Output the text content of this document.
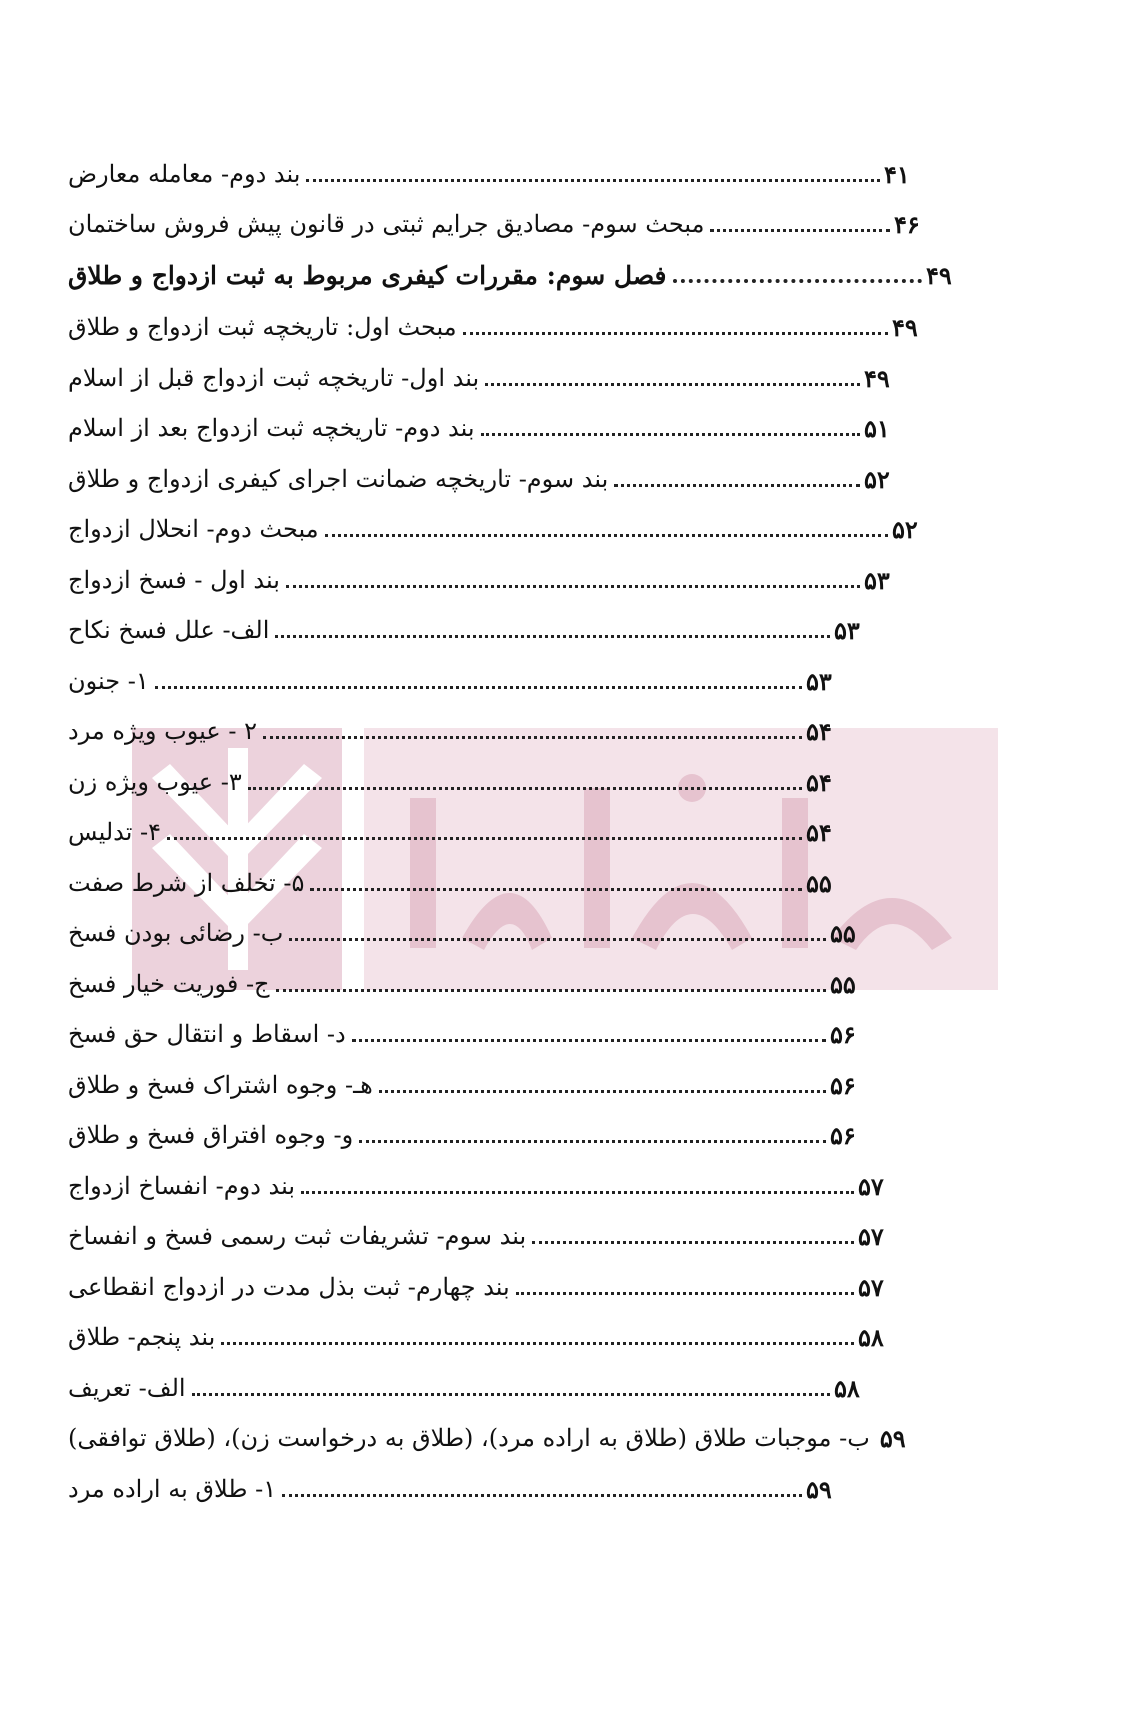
بند دوم- معامله معارض	۴۱
مبحث سوم- مصادیق جرایم ثبتی در قانون پیش فروش ساختمان	۴۶
فصل سوم: مقررات کیفری مربوط به ثبت ازدواج و طلاق	۴۹
مبحث اول: تاریخچه ثبت ازدواج و طلاق	۴۹
بند اول- تاریخچه ثبت ازدواج قبل از اسلام	۴۹
بند دوم- تاریخچه ثبت ازدواج بعد از اسلام	۵۱
بند سوم- تاریخچه ضمانت اجرای کیفری ازدواج و طلاق	۵۲
مبحث دوم- انحلال ازدواج	۵۲
بند اول - فسخ ازدواج	۵۳
الف- علل فسخ نکاح	۵۳
۱- جنون	۵۳
۲ - عیوب ویژه مرد	۵۴
۳- عیوب ویژه زن	۵۴
۴- تدلیس	۵۴
۵- تخلف از شرط صفت	۵۵
ب- رضائی بودن فسخ	۵۵
ج- فوریت خیار فسخ	۵۵
د- اسقاط و انتقال حق فسخ	۵۶
هـ- وجوه اشتراک فسخ و طلاق	۵۶
و- وجوه افتراق فسخ و طلاق	۵۶
بند دوم- انفساخ ازدواج	۵۷
بند سوم- تشریفات ثبت رسمی فسخ و انفساخ	۵۷
بند چهارم- ثبت بذل مدت در ازدواج انقطاعی	۵۷
بند پنجم- طلاق	۵۸
الف- تعریف	۵۸
ب- موجبات طلاق (طلاق به اراده مرد)، (طلاق به درخواست زن)، (طلاق توافقی) ۵۹
۱- طلاق به اراده مرد	۵۹
